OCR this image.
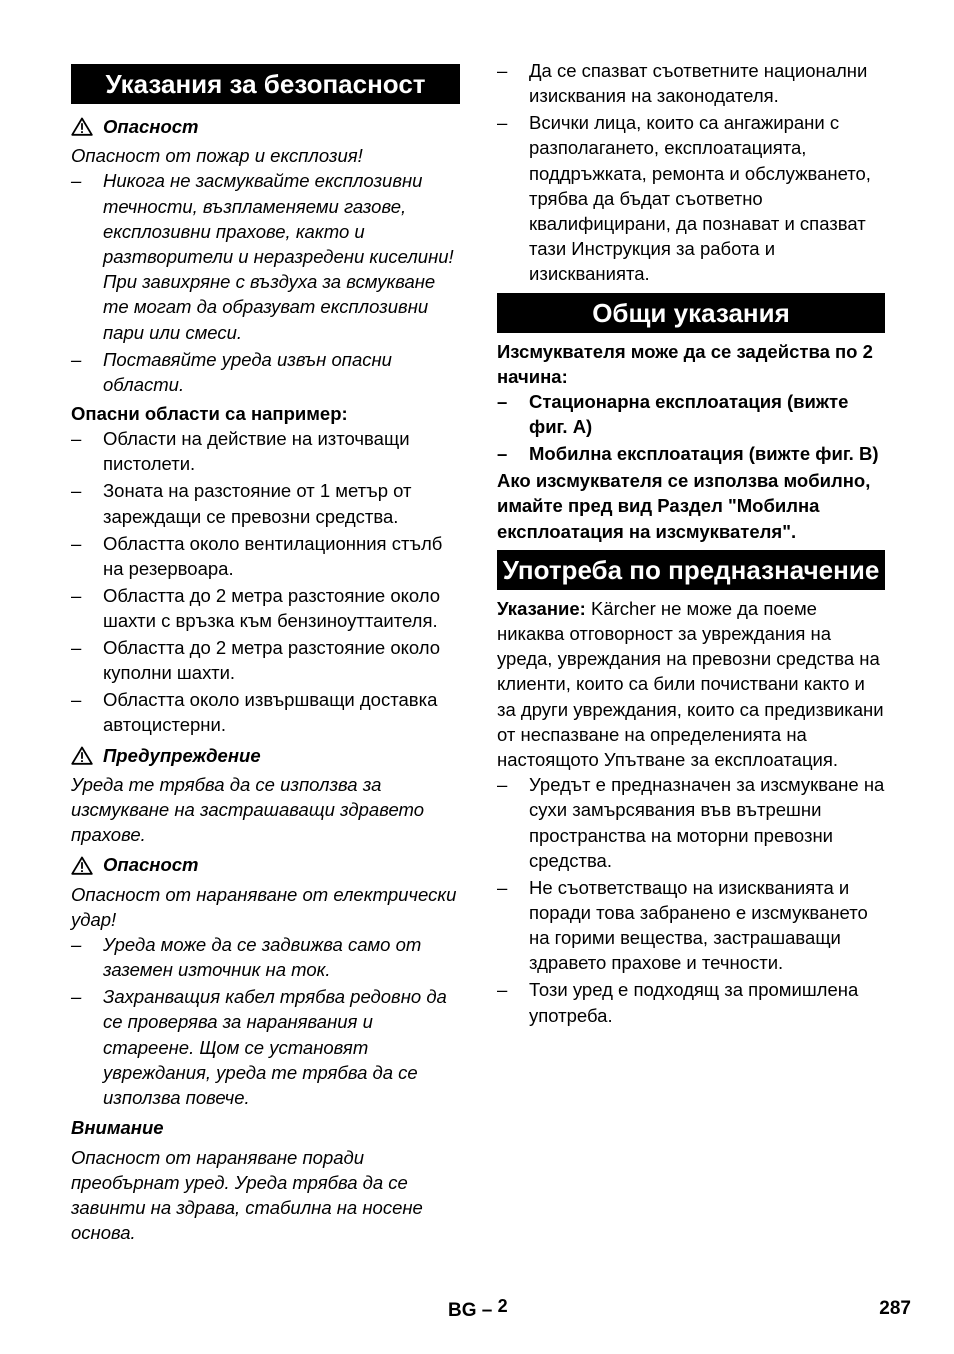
Указания за безопасност
Опасност

Опасност от пожар и експлозия!

– Никога не засмуквайте експлозивни течности, възпламеняеми газове, експлозивни прахове, както и разтворители и неразредени киселини! При завихряне с въздуха за всмукване те могат да образуват експлозивни пари или смеси.
– Поставяйте уреда извън опасни области.

Опасни области са например:

– Области на действие на източващи пистолети.
– Зоната на разстояние от 1 метър от зареждащи се превозни средства.
– Областта около вентилационния стълб на резервоара.
– Областта до 2 метра разстояние около шахти с връзка към бензиноуттаителя.
– Областта до 2 метра разстояние около куполни шахти.
– Областта около извършващи доставка автоцистерни.
Предупреждение

Уреда те трябва да се използва за изсмукване на застрашаващи здравето прахове.

Опасност

Опасност от нараняване от електрически удар!

– Уреда може да се задвижва само от заземен източник на ток.
– Захранващия кабел трябва редовно да се проверява за наранявания и стареене. Щом се установят увреждания, уреда те трябва да се използва повече.

Внимание

Опасност от нараняване поради преобърнат уред. Уреда трябва да се завинти на здрава, стабилна на носене основа.

– Да се спазват съответните национални изисквания на законодателя.
– Всички лица, които са ангажирани с разполагането, експлоатацията, поддръжката, ремонта и обслужването, трябва да бъдат съответно квалифицирани, да познават и спазват тази Инструкция за работа и изискванията.
Общи указания

Изсмуквателя може да се задейства по 2 начина:

– Стационарна експлоатация (вижте фиг. A)
– Мобилна експлоатация (вижте фиг. B)

Ако изсмуквателя се използва мобилно, имайте пред вид Раздел "Мобилна експлоатация на изсмуквателя".

Употреба по предназначение

Указание: Kärcher не може да поеме никаква отговорност за увреждания на уреда, увреждания на превозни средства на клиенти, които са били почиствани както и за други увреждания, които са предизвикани от неспазване на определенията на настоящото Упътване за експлоатация.

– Уредът е предназначен за изсмукване на сухи замърсявания във вътрешни пространства на моторни превозни средства.
– Не съответстващо на изискванията и поради това забранено е изсмукването на горими вещества, застрашаващи здравето прахове и течности.
– Този уред е подходящ за промишлена употреба.
BG – $^2$	287
